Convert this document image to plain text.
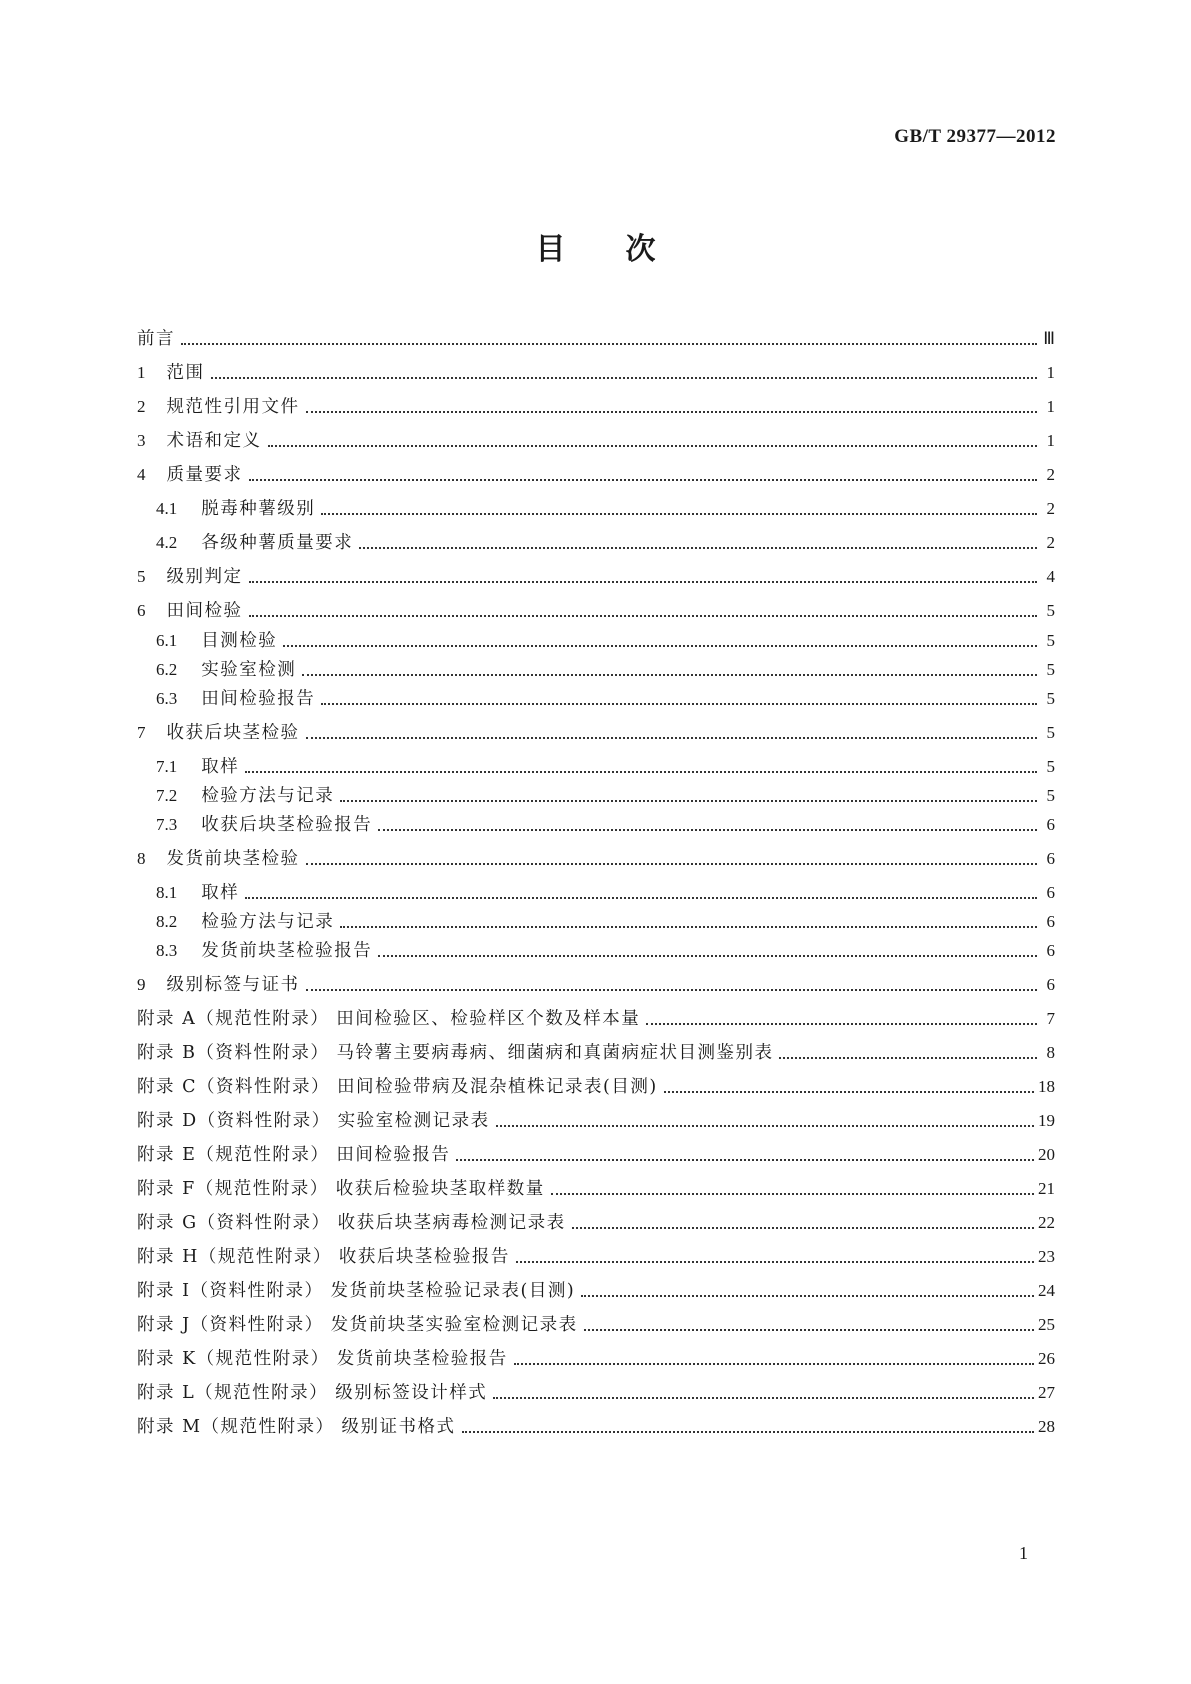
GB/T 29377—2012
目次
前言	Ⅲ
1 范围	1
2 规范性引用文件	1
3 术语和定义	1
4 质量要求	2
4.1 脱毒种薯级别	2
4.2 各级种薯质量要求	2
5 级别判定	4
6 田间检验	5
6.1 目测检验	5
6.2 实验室检测	5
6.3 田间检验报告	5
7 收获后块茎检验	5
7.1 取样	5
7.2 检验方法与记录	5
7.3 收获后块茎检验报告	6
8 发货前块茎检验	6
8.1 取样	6
8.2 检验方法与记录	6
8.3 发货前块茎检验报告	6
9 级别标签与证书	6
附录 A（规范性附录） 田间检验区、检验样区个数及样本量	7
附录 B（资料性附录） 马铃薯主要病毒病、细菌病和真菌病症状目测鉴别表	8
附录 C（资料性附录） 田间检验带病及混杂植株记录表(目测)	18
附录 D（资料性附录） 实验室检测记录表	19
附录 E（规范性附录） 田间检验报告	20
附录 F（规范性附录） 收获后检验块茎取样数量	21
附录 G（资料性附录） 收获后块茎病毒检测记录表	22
附录 H（规范性附录） 收获后块茎检验报告	23
附录 I（资料性附录） 发货前块茎检验记录表(目测)	24
附录 J（资料性附录） 发货前块茎实验室检测记录表	25
附录 K（规范性附录） 发货前块茎检验报告	26
附录 L（规范性附录） 级别标签设计样式	27
附录 M（规范性附录） 级别证书格式	28
1
